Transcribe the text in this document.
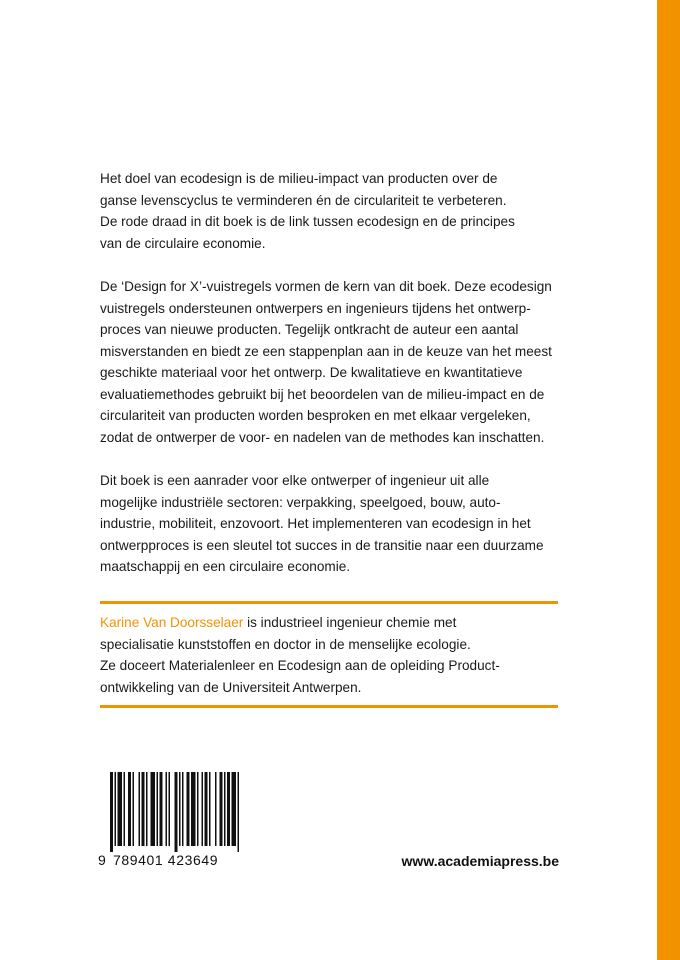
Het doel van ecodesign is de milieu-impact van producten over de
ganse levenscyclus te verminderen én de circulariteit te verbeteren.
De rode draad in dit boek is de link tussen ecodesign en de principes
van de circulaire economie.

De ‘Design for X’-vuistregels vormen de kern van dit boek. Deze ecodesign
vuistregels ondersteunen ontwerpers en ingenieurs tijdens het ontwerp-
proces van nieuwe producten. Tegelijk ontkracht de auteur een aantal
misverstanden en biedt ze een stappenplan aan in de keuze van het meest
geschikte materiaal voor het ontwerp. De kwalitatieve en kwantitatieve
evaluatiemethodes gebruikt bij het beoordelen van de milieu-impact en de
circulariteit van producten worden besproken en met elkaar vergeleken,
zodat de ontwerper de voor- en nadelen van de methodes kan inschatten.

Dit boek is een aanrader voor elke ontwerper of ingenieur uit alle
mogelijke industriële sectoren: verpakking, speelgoed, bouw, auto-
industrie, mobiliteit, enzovoort. Het implementeren van ecodesign in het
ontwerpproces is een sleutel tot succes in de transitie naar een duurzame
maatschappij en een circulaire economie.

Karine Van Doorsselaer is industrieel ingenieur chemie met
specialisatie kunststoffen en doctor in de menselijke ecologie.
Ze doceert Materialenleer en Ecodesign aan de opleiding Product-
ontwikkeling van de Universiteit Antwerpen.
9 789401 423649	www.academiapress.be
